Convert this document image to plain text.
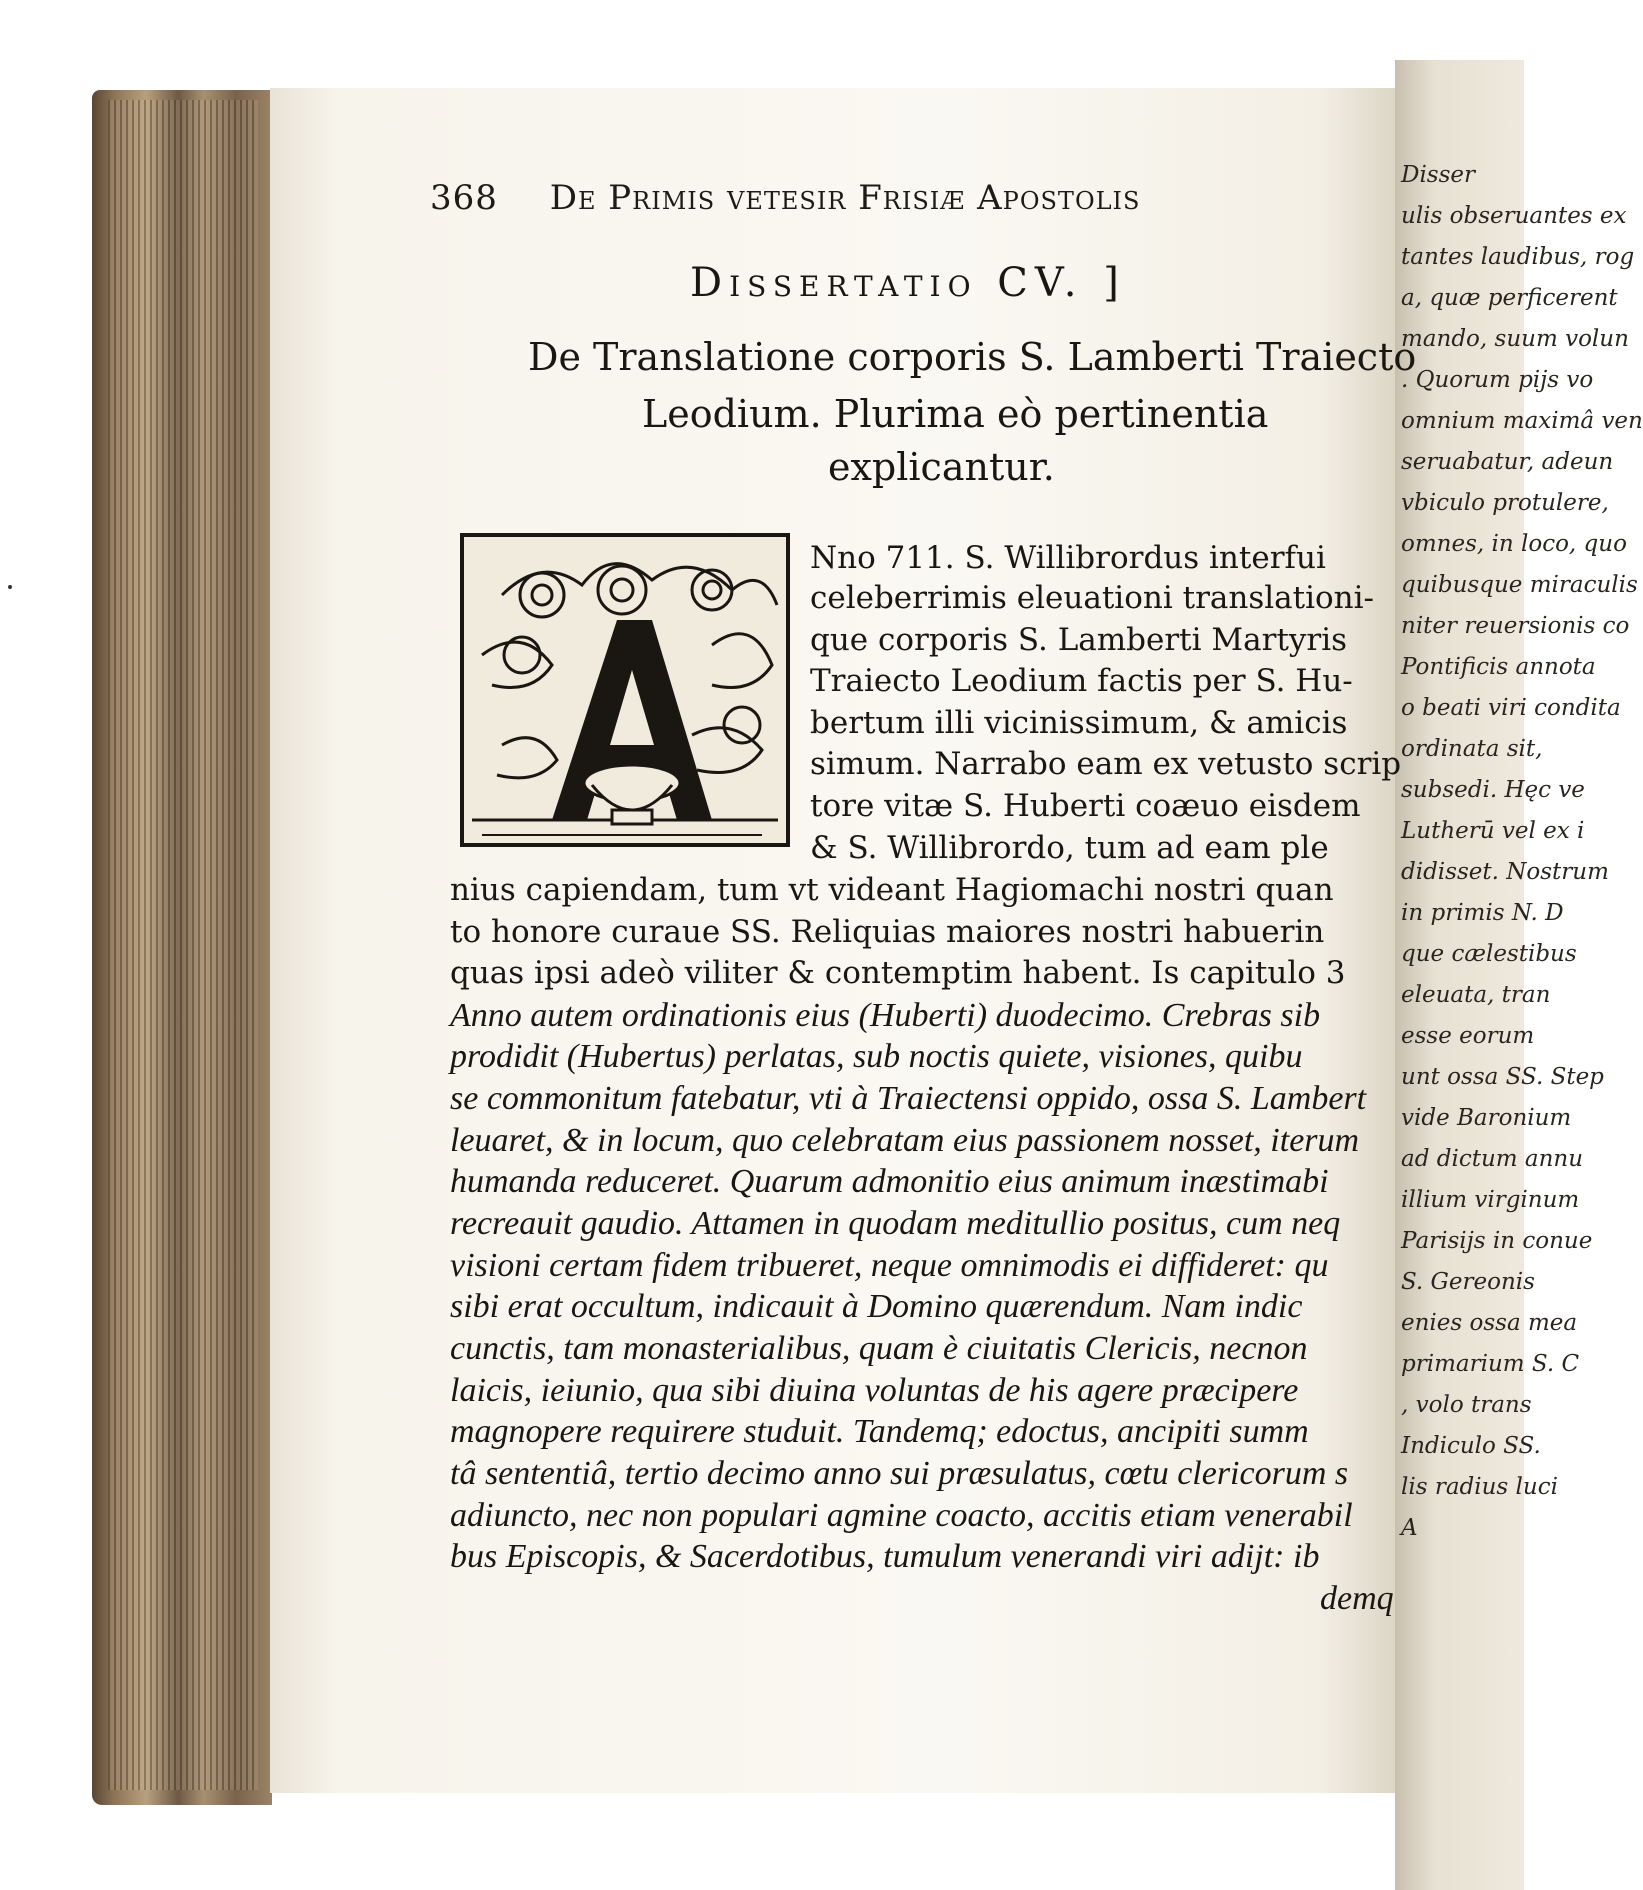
Disser
ulis obseruantes ex
tantes laudibus, rog
a, quæ perficerent
mando, suum volun
. Quorum pijs vo
omnium maximâ ven
seruabatur, adeun
vbiculo protulere,
omnes, in loco, quo
quibusque miraculis
niter reuersionis co
Pontificis annota
o beati viri condita
ordinata sit,
subsedi. Hęc ve
Lutherū vel ex i
didisset. Nostrum
in primis N. D
que cælestibus
eleuata, tran
esse eorum
unt ossa SS. Step
vide Baronium
ad dictum annu
illium virginum
Parisijs in conue
S. Gereonis
enies ossa mea
primarium S. C
, volo trans
Indiculo SS.
lis radius luci
A
368 De Primis vetesir Frisiæ Apostolis
Dissertatio CV. ]
De Translatione corporis S. Lamberti Traiecto
Leodium. Plurima eò pertinentia
explicantur.
Nno 711. S. Willibrordus interfui
celeberrimis eleuationi translationi-
que corporis S. Lamberti Martyris
Traiecto Leodium factis per S. Hu-
bertum illi vicinissimum, & amicis
simum. Narrabo eam ex vetusto scrip
tore vitæ S. Huberti coæuo eisdem
& S. Willibrordo, tum ad eam ple
nius capiendam, tum vt videant Hagiomachi nostri quan
to honore curaue SS. Reliquias maiores nostri habuerin
quas ipsi adeò viliter & contemptim habent. Is capitulo 3
Anno autem ordinationis eius (Huberti) duodecimo. Crebras sib
prodidit (Hubertus) perlatas, sub noctis quiete, visiones, quibu
se commonitum fatebatur, vti à Traiectensi oppido, ossa S. Lambert
leuaret, & in locum, quo celebratam eius passionem nosset, iterum
humanda reduceret. Quarum admonitio eius animum inæstimabi
recreauit gaudio. Attamen in quodam meditullio positus, cum neq
visioni certam fidem tribueret, neque omnimodis ei diffideret: qu
sibi erat occultum, indicauit à Domino quærendum. Nam indic
cunctis, tam monasterialibus, quam è ciuitatis Clericis, necnon
laicis, ieiunio, qua sibi diuina voluntas de his agere præcipere
magnopere requirere studuit. Tandemq; edoctus, ancipiti summ
tâ sententiâ, tertio decimo anno sui præsulatus, cœtu clericorum s
adiuncto, nec non populari agmine coacto, accitis etiam venerabil
bus Episcopis, & Sacerdotibus, tumulum venerandi viri adijt: ib
demq
